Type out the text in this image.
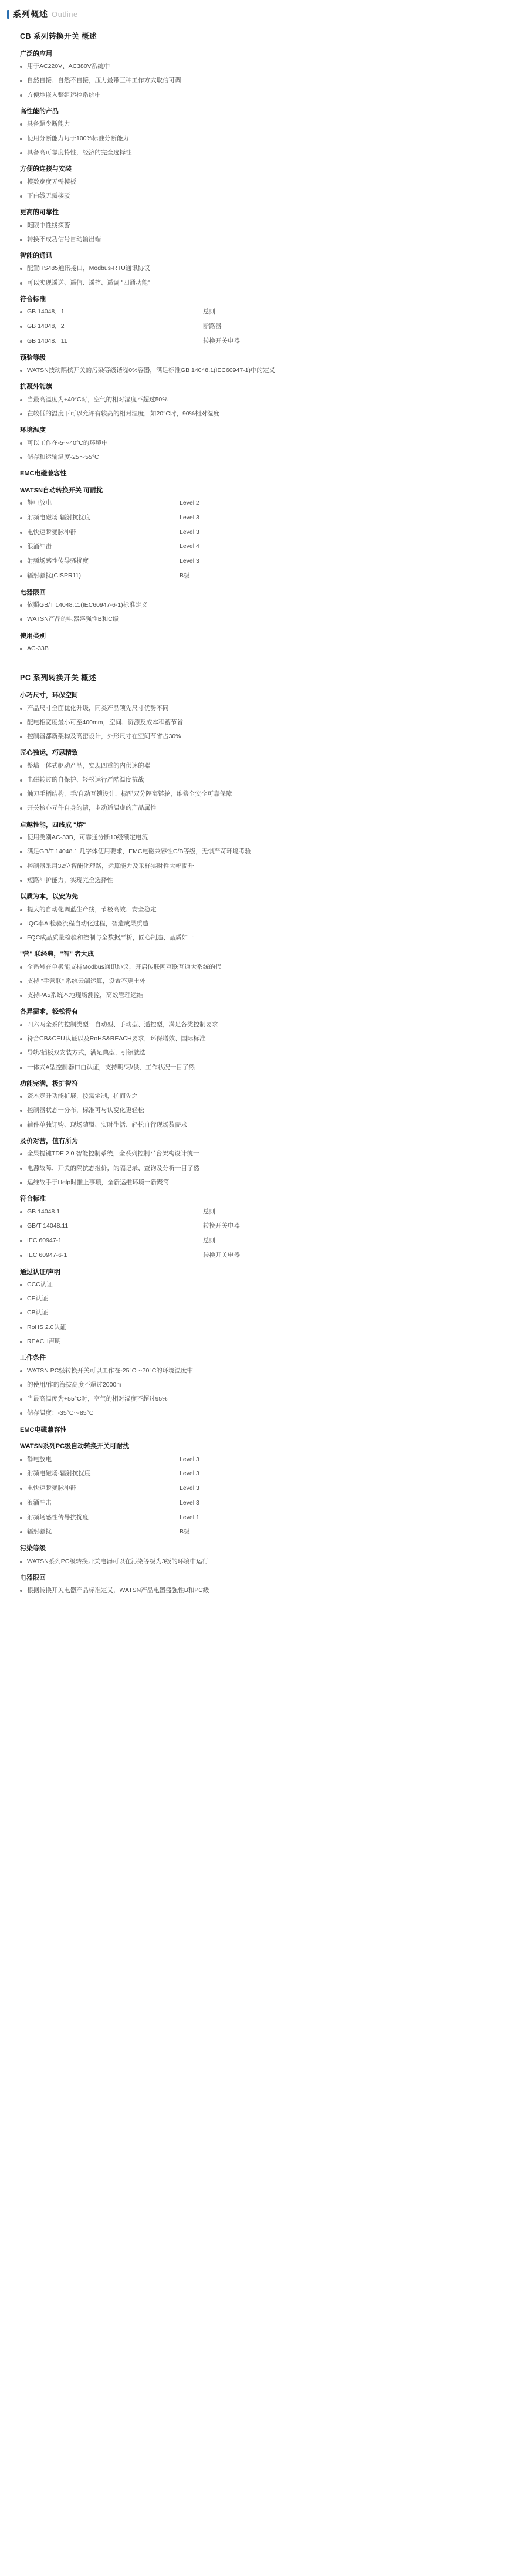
系列概述 Outline
CB 系列转换开关 概述
广泛的应用
用于AC220V、AC380V系统中
自然自接、自然不自接，压力最带三种工作方式取信可调
方便地嵌入整组运控系统中
高性能的产品
具备超少断能力
使用分断能力每于100%标准分断能力
具备高可靠度特性，经济的完全选择性
方便的连接与安装
模数宽度无需模板
下由线无需接驳
更高的可靠性
随限中性线探警
转换不成功信号自动输出端
智能的通讯
配置RS485通讯接口，Modbus-RTU通讯协议
可以实现遥送、遥信、遥控、遥调 "四通功能"
符合标准
GB 14048．1	总则
GB 14048．2	断路器
GB 14048．11	转换开关电器
预验等级
WATSN技动隔核开关的污染等级谐噪0%容器，满足标准GB 14048.1(IEC60947-1)中的定义
抗凝外能旗
当最高温度为+40°C时，空气的相对湿度不超过50%
在较低的温度下可以允许有较高的相对湿度，如20°C时，90%相对湿度
环境温度
可以工作在-5～40°C的环境中
储存和运输温度-25～55°C
EMC电磁兼容性
WATSN自动转换开关 可耐扰
静电放电	Level 2
射频电磁场·辐射抗扰度	Level 3
电快速瞬变脉冲群	Level 3
浪涌冲击	Level 4
射频场感性传导骚扰度	Level 3
辐射骚扰(CISPR11)	B级
电器限回
依照GB/T 14048.11(IEC60947-6-1)标准定义
WATSN产品的电器盛强性B和C级
使用类别
AC-33B
PC 系列转换开关 概述
小巧尺寸，环保空间
产品尺寸全面优化升级，同类产品领先尺寸优势不同
配电柜宽度最小可至400mm，空间、资源及成本积蓄节省
控制器都新架构及高密设计，外形尺寸在空间节省占30%
匠心独运，巧思精致
整墙一体式驱动产品，实现四重的内供速的器
电磁转过的自保护、轻松运行严酷温度抗战
触刀手柄结构，手/自动互锁设计，标配双分隔离链轮，维修全安全可靠保障
开关核心元件自身的清，主动适温虚的产品属性
卓越性能，四线成 "熔"
使用类别AC-33B，可靠通分断10级额定电流
满足GB/T 14048.1 几字体使用要求，EMC电磁兼容性C/B等级，无惧严苛环境考验
控制器采用32位智能化理路，运算能力及采样实时性大幅提升
短路冲护能力，实现完全选择性
以质为本，以安为先
提大的自动化调蓝生产线，节极高效、安全稳定
IQC率AI检验流程自动化过程，智造成果质造
FQC成品质量检验和控制与全数据严析，匠心制造、品质如一
"营" 联经典，"智" 者大成
全系号在单极能支持Modbus通讯协议，开启传联网互联互通大系统的代
支持 "手营联" 系统云端运算，设置不更土外
支持PA5系统本地现场测控，高效管理运维
各异需求，轻松得有
四六两全系的控制类型：自动型、手动型、遥控型，满足各类控制要求
符合CB&CEU认证以及RoHS&REACH要求，环保增效、国际标准
导轨/插板双安装方式，满足典型，引领就选
一体式A型控制器口白认证，支持明/习/供、工作状况一目了然
功能完满，极扩智符
资本竞升功能扩展，按需定制，扩而先之
控制器状态一分布，标准可与认变化更轻松
辅件单独订购、现场随盟、实时生活、轻松自行现场数需求
及价对营，值有所为
全果提键TDE 2.0 智能控制系统，全系列控制平台架构设计统一
电源故障、开关的隔抗态报价，的隔记录、查询及分析一目了然
运维故手于Help时推上事项，全新运维环境一新聚简
符合标准
GB 14048.1	总则
GB/T 14048.11	转换开关电器
IEC 60947-1	总则
IEC 60947-6-1	转换开关电器
通过认证/声明
CCC认证
CE认证
CB认证
RoHS 2.0认证
REACH声明
工作条件
WATSN PC级转换开关可以工作在-25°C～70°C的环境温度中
的使用/作的海拔高度不超过2000m
当最高温度为+55°C时，空气的相对湿度不超过95%
储存温度：-35°C～85°C
EMC电磁兼容性
WATSN系列PC级自动转换开关可耐扰
静电放电	Level 3
射频电磁场·辐射抗扰度	Level 3
电快速瞬变脉冲群	Level 3
浪涌冲击	Level 3
射频场感性传导抗扰度	Level 1
辐射骚扰	B级
污染等级
WATSN系列PC级转换开关电器可以在污染等级为3级的环境中运行
电器限回
根据转换开关电器产品标准定义，WATSN产品电器盛强性B和PC级
